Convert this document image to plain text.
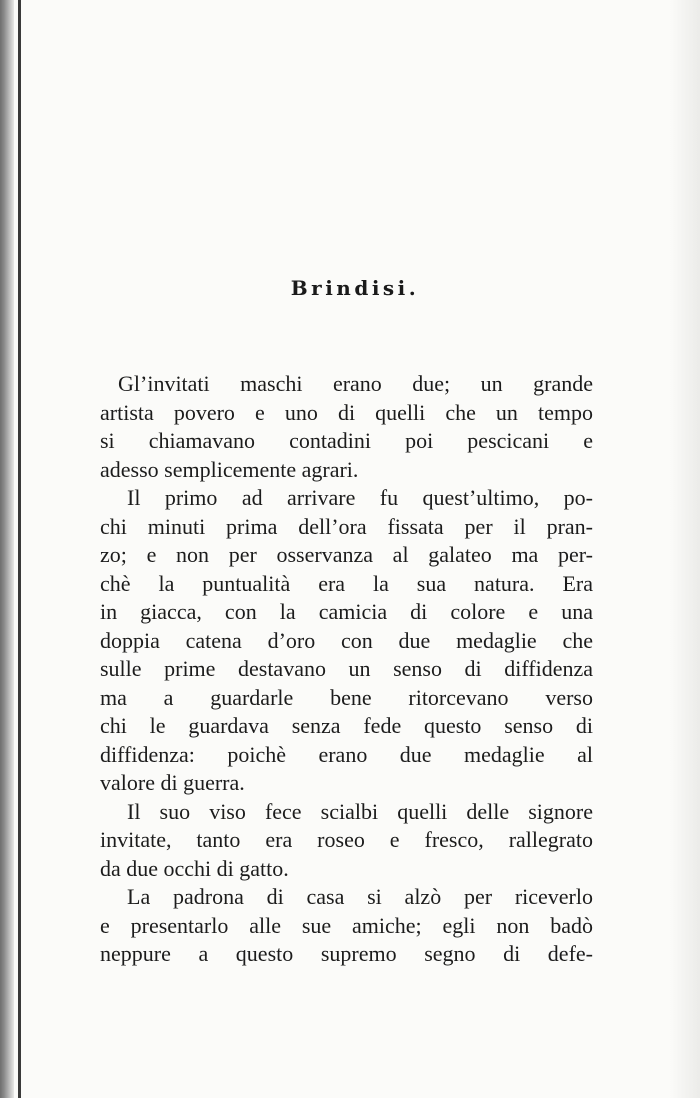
Brindisi.

Gl’invitati maschi erano due; un grande
artista povero e uno di quelli che un tempo
si chiamavano contadini poi pescicani e
adesso semplicemente agrari.

Il primo ad arrivare fu quest’ultimo, po-
chi minuti prima dell’ora fissata per il pran-
zo; e non per osservanza al galateo ma per-
chè la puntualità era la sua natura. Era
in giacca, con la camicia di colore e una
doppia catena d’oro con due medaglie che
sulle prime destavano un senso di diffidenza
ma a guardarle bene ritorcevano verso
chi le guardava senza fede questo senso di
diffidenza: poichè erano due medaglie al
valore di guerra.

Il suo viso fece scialbi quelli delle signore
invitate, tanto era roseo e fresco, rallegrato
da due occhi di gatto.

La padrona di casa si alzò per riceverlo
e presentarlo alle sue amiche; egli non badò
neppure a questo supremo segno di defe-
